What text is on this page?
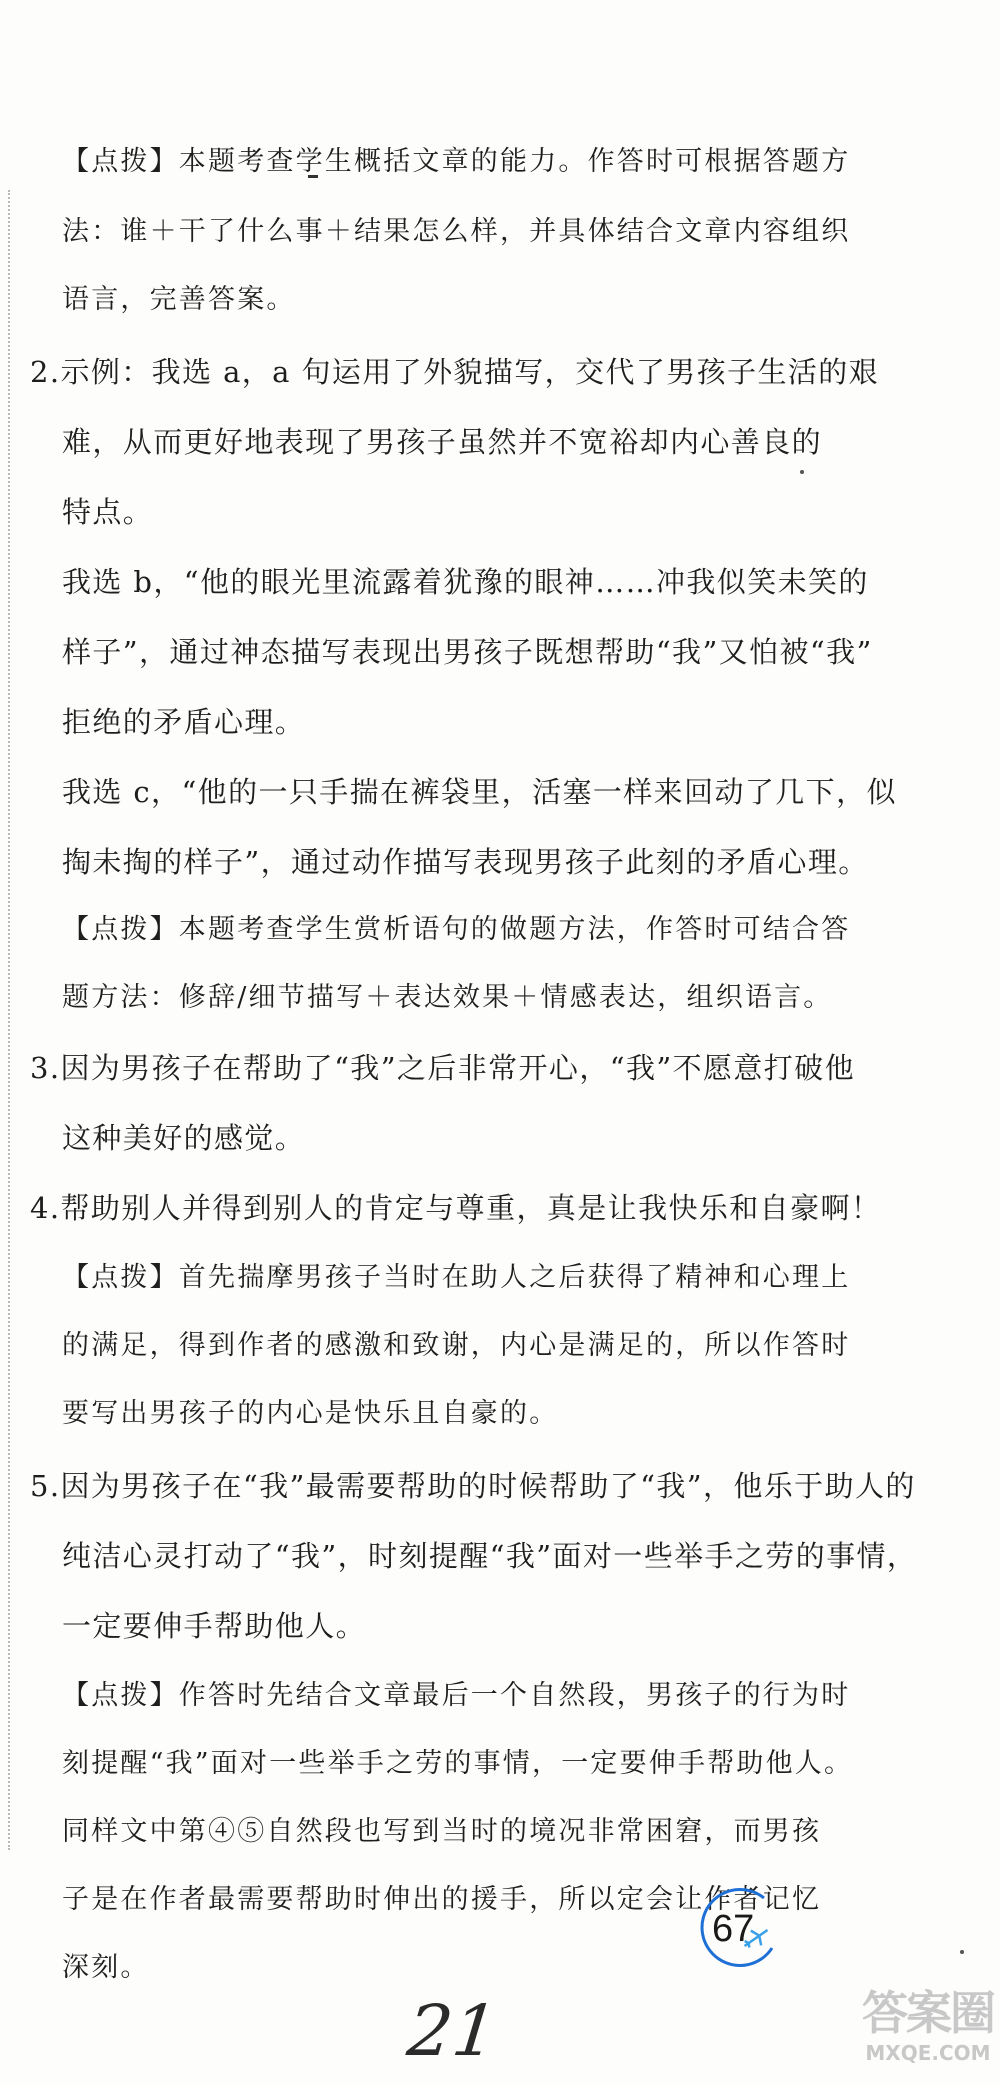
【点拨】本题考查学生概括文章的能力。作答时可根据答题方
法：谁＋干了什么事＋结果怎么样，并具体结合文章内容组织
语言，完善答案。
2.示例：我选 a，a 句运用了外貌描写，交代了男孩子生活的艰
难，从而更好地表现了男孩子虽然并不宽裕却内心善良的
特点。
我选 b，“他的眼光里流露着犹豫的眼神……冲我似笑未笑的
样子”，通过神态描写表现出男孩子既想帮助“我”又怕被“我”
拒绝的矛盾心理。
我选 c，“他的一只手揣在裤袋里，活塞一样来回动了几下，似
掏未掏的样子”，通过动作描写表现男孩子此刻的矛盾心理。
【点拨】本题考查学生赏析语句的做题方法，作答时可结合答
题方法：修辞/细节描写＋表达效果＋情感表达，组织语言。
3.因为男孩子在帮助了“我”之后非常开心，“我”不愿意打破他
这种美好的感觉。
4.帮助别人并得到别人的肯定与尊重，真是让我快乐和自豪啊！
【点拨】首先揣摩男孩子当时在助人之后获得了精神和心理上
的满足，得到作者的感激和致谢，内心是满足的，所以作答时
要写出男孩子的内心是快乐且自豪的。
5.因为男孩子在“我”最需要帮助的时候帮助了“我”，他乐于助人的
纯洁心灵打动了“我”，时刻提醒“我”面对一些举手之劳的事情，
一定要伸手帮助他人。
【点拨】作答时先结合文章最后一个自然段，男孩子的行为时
刻提醒“我”面对一些举手之劳的事情，一定要伸手帮助他人。
同样文中第④⑤自然段也写到当时的境况非常困窘，而男孩
子是在作者最需要帮助时伸出的援手，所以定会让作者记忆
深刻。
67
21	答案圈
MXQE.COM
